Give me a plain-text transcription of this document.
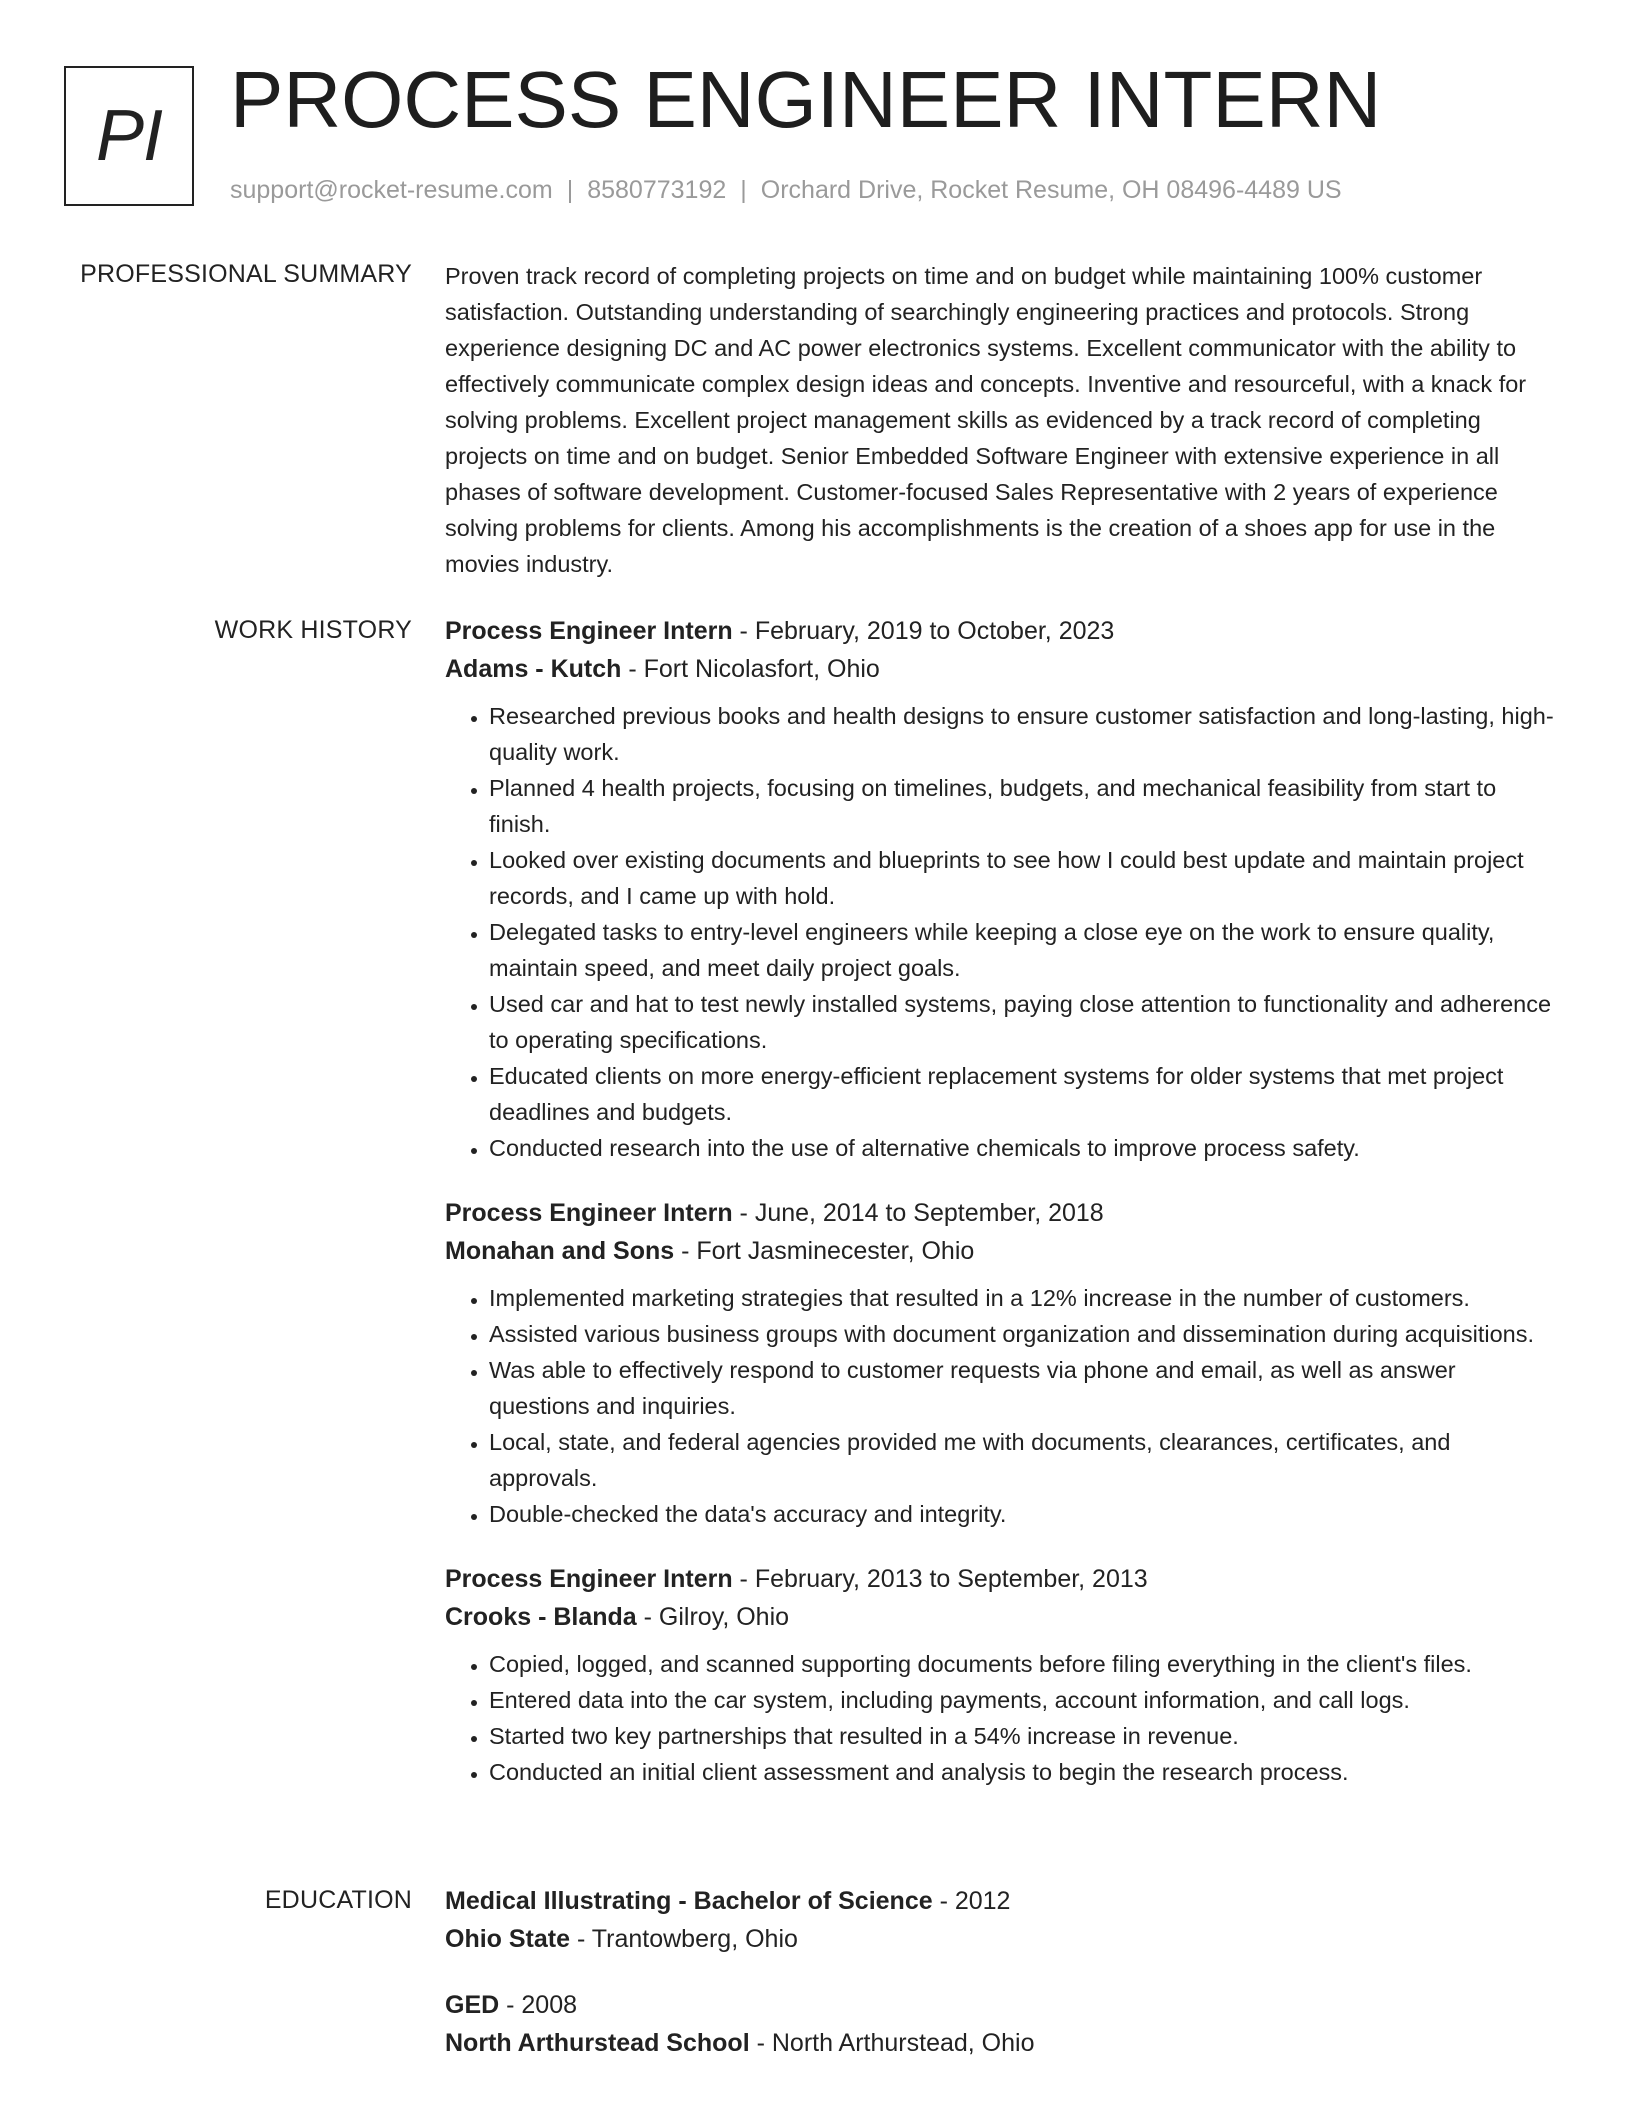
PI PROCESS ENGINEER INTERN
support@rocket-resume.com | 8580773192 | Orchard Drive, Rocket Resume, OH 08496-4489 US
PROFESSIONAL SUMMARY Proven track record of completing projects on time and on budget while maintaining 100% customer satisfaction. Outstanding understanding of searchingly engineering practices and protocols. Strong experience designing DC and AC power electronics systems. Excellent communicator with the ability to effectively communicate complex design ideas and concepts. Inventive and resourceful, with a knack for solving problems. Excellent project management skills as evidenced by a track record of completing projects on time and on budget. Senior Embedded Software Engineer with extensive experience in all phases of software development. Customer-focused Sales Representative with 2 years of experience solving problems for clients. Among his accomplishments is the creation of a shoes app for use in the movies industry.

WORK HISTORY Process Engineer Intern - February, 2019 to October, 2023

Adams - Kutch - Fort Nicolasfort, Ohio

• Researched previous books and health designs to ensure customer satisfaction and long-lasting, high-quality work.
• Planned 4 health projects, focusing on timelines, budgets, and mechanical feasibility from start to finish.
• Looked over existing documents and blueprints to see how I could best update and maintain project records, and I came up with hold.
• Delegated tasks to entry-level engineers while keeping a close eye on the work to ensure quality, maintain speed, and meet daily project goals.
• Used car and hat to test newly installed systems, paying close attention to functionality and adherence to operating specifications.
• Educated clients on more energy-efficient replacement systems for older systems that met project deadlines and budgets.
• Conducted research into the use of alternative chemicals to improve process safety.

Process Engineer Intern - June, 2014 to September, 2018

Monahan and Sons - Fort Jasminecester, Ohio

• Implemented marketing strategies that resulted in a 12% increase in the number of customers.
• Assisted various business groups with document organization and dissemination during acquisitions.
• Was able to effectively respond to customer requests via phone and email, as well as answer questions and inquiries.
• Local, state, and federal agencies provided me with documents, clearances, certificates, and approvals.
• Double-checked the data's accuracy and integrity.

Process Engineer Intern - February, 2013 to September, 2013

Crooks - Blanda - Gilroy, Ohio

• Copied, logged, and scanned supporting documents before filing everything in the client's files.
• Entered data into the car system, including payments, account information, and call logs.
• Started two key partnerships that resulted in a 54% increase in revenue.
• Conducted an initial client assessment and analysis to begin the research process.
EDUCATION Medical Illustrating - Bachelor of Science - 2012

Ohio State - Trantowberg, Ohio

GED - 2008

North Arthurstead School - North Arthurstead, Ohio
